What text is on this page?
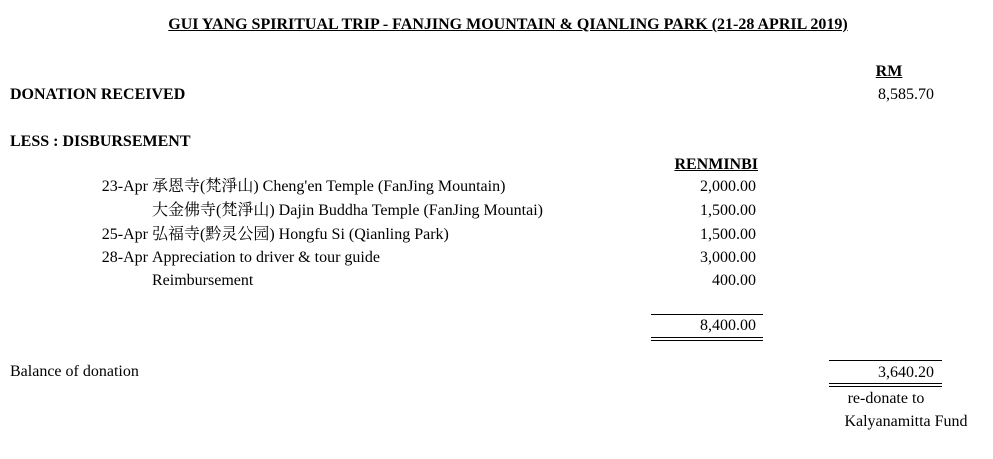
GUI YANG SPIRITUAL TRIP - FANJING MOUNTAIN & QIANLING PARK (21-28 APRIL 2019)
RM
DONATION RECEIVED	8,585.70
LESS : DISBURSEMENT
RENMINBI
23-Apr 承恩寺(梵淨山) Cheng'en Temple (FanJing Mountain)	2,000.00
大金佛寺(梵淨山) Dajin Buddha Temple (FanJing Mountai)	1,500.00
25-Apr 弘福寺(黔灵公园) Hongfu Si (Qianling Park)	1,500.00
28-Apr Appreciation to driver & tour guide	3,000.00
Reimbursement	400.00
8,400.00
Balance of donation	3,640.20
re-donate to
Kalyanamitta Fund
